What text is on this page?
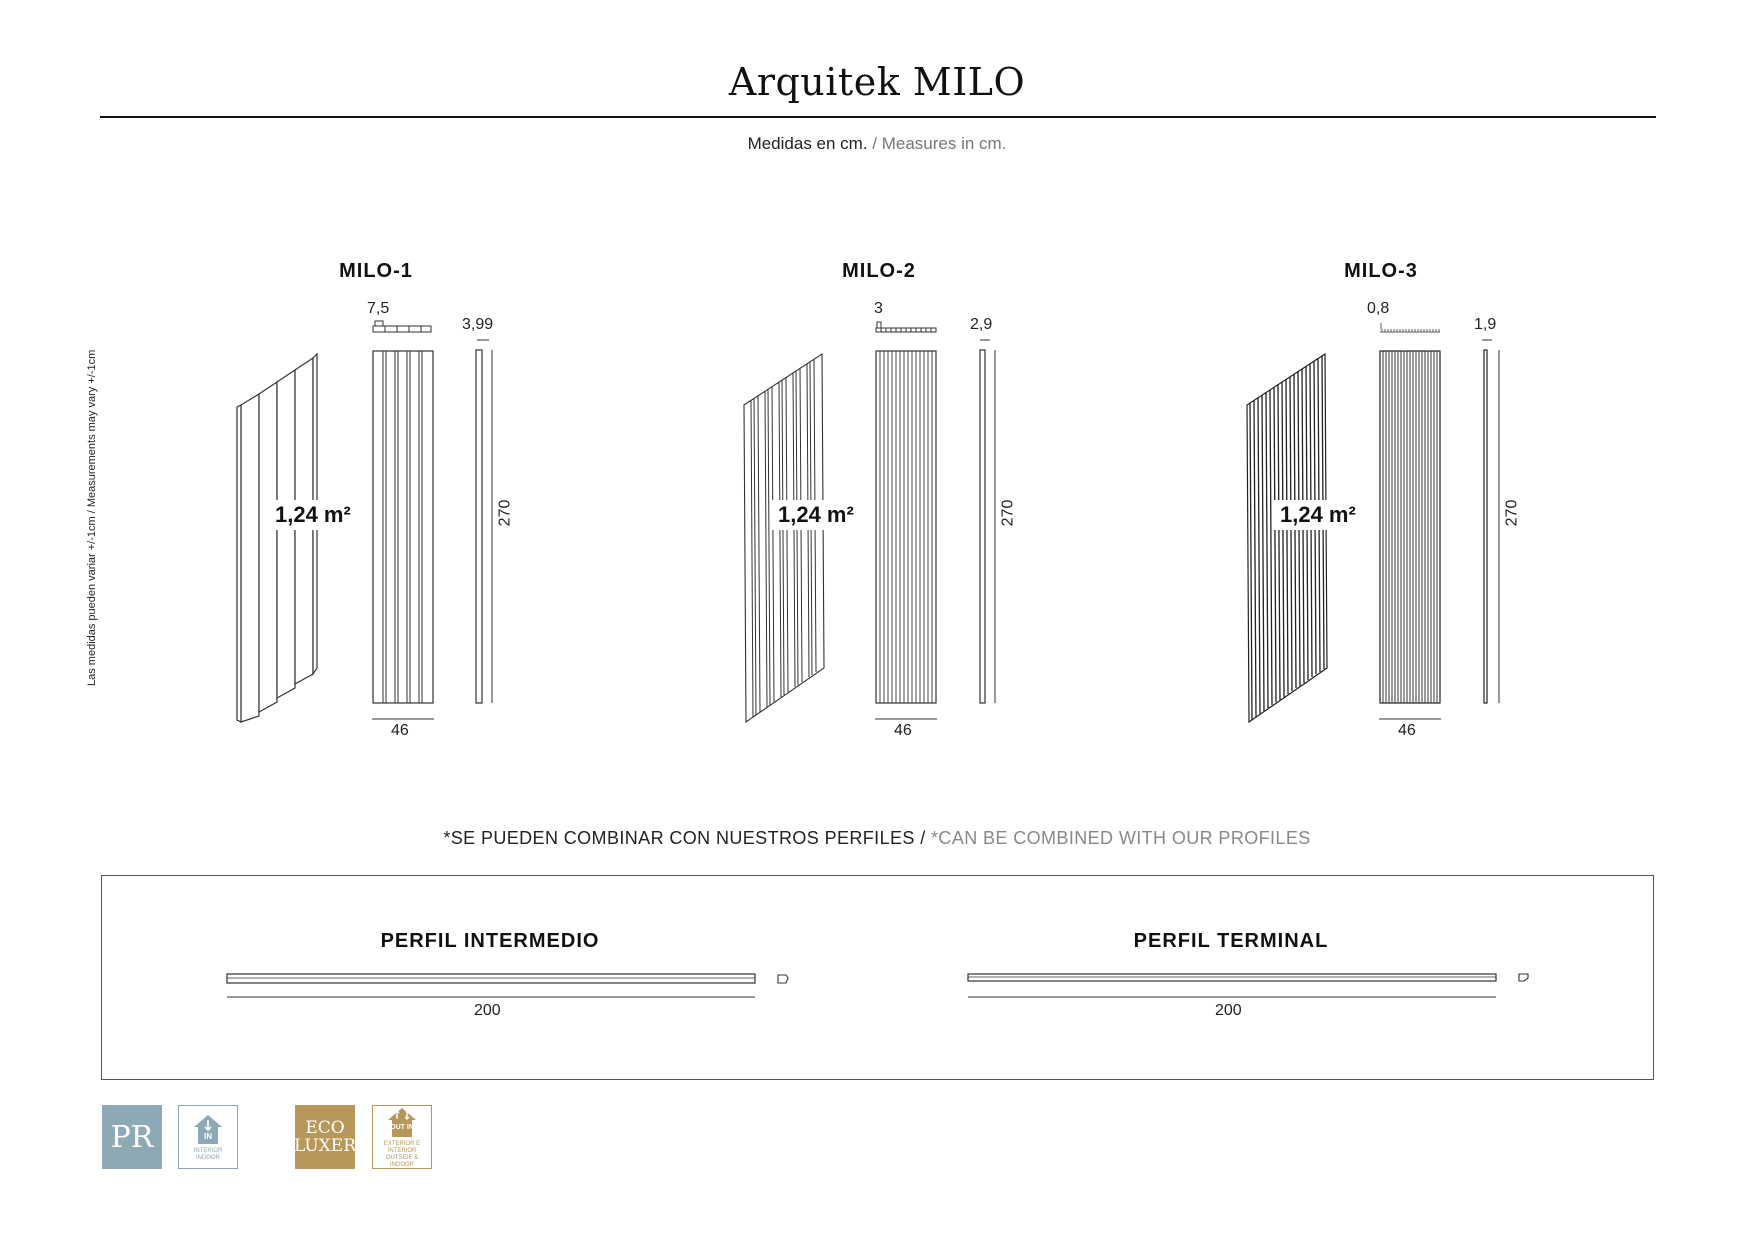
Arquitek MILO
Medidas en cm. / Measures in cm.
Las medidas pueden variar +/-1cm / Measurements may vary +/-1cm
MILO-1
7,5
46
3,99
270
1,24 m²
MILO-2
3
46
2,9
270
1,24 m²
MILO-3
0,8
46
1,9
270
1,24 m²
*SE PUEDEN COMBINAR CON NUESTROS PERFILES / *CAN BE COMBINED WITH OUR PROFILES
PERFIL INTERMEDIO
200
PERFIL TERMINAL
200
PR	IN
INTERIOR INDOOR
ECO
LUXER
OUT IN
EXTERIOR E INTERIOR OUTSIDE & INDOOR
